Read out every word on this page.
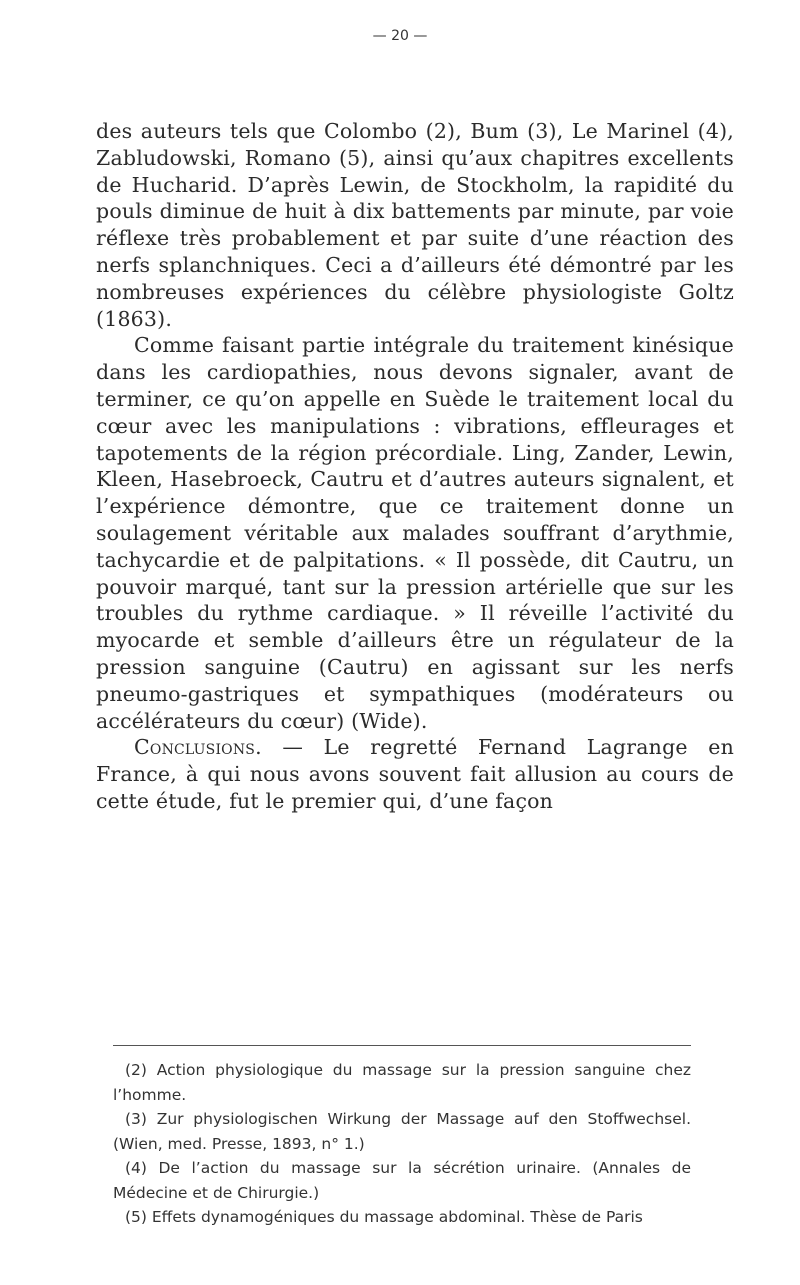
— 20 —

des auteurs tels que Colombo (2), Bum (3), Le Marinel (4), Zabludowski, Romano (5), ainsi qu’aux chapitres excellents de Hucharid. D’après Lewin, de Stockholm, la rapidité du pouls diminue de huit à dix battements par minute, par voie réflexe très probablement et par suite d’une réaction des nerfs splanchniques. Ceci a d’ailleurs été démontré par les nombreuses expériences du célèbre physiologiste Goltz (1863).

Comme faisant partie intégrale du traitement kinésique dans les cardiopathies, nous devons signaler, avant de terminer, ce qu’on appelle en Suède le traitement local du cœur avec les manipulations : vibrations, effleurages et tapotements de la région précordiale. Ling, Zander, Lewin, Kleen, Hasebroeck, Cautru et d’autres auteurs signalent, et l’expérience démontre, que ce traitement donne un soulagement véritable aux malades souffrant d’arythmie, tachycardie et de palpitations. « Il possède, dit Cautru, un pouvoir marqué, tant sur la pression artérielle que sur les troubles du rythme cardiaque. » Il réveille l’activité du myocarde et semble d’ailleurs être un régulateur de la pression sanguine (Cautru) en agissant sur les nerfs pneumo-gastriques et sympathiques (modérateurs ou accélérateurs du cœur) (Wide).

Conclusions. — Le regretté Fernand Lagrange en France, à qui nous avons souvent fait allusion au cours de cette étude, fut le premier qui, d’une façon

(2) Action physiologique du massage sur la pression sanguine chez l’homme.

(3) Zur physiologischen Wirkung der Massage auf den Stoffwechsel. (Wien, med. Presse, 1893, n° 1.)

(4) De l’action du massage sur la sécrétion urinaire. (Annales de Médecine et de Chirurgie.)

(5) Effets dynamogéniques du massage abdominal. Thèse de Paris
